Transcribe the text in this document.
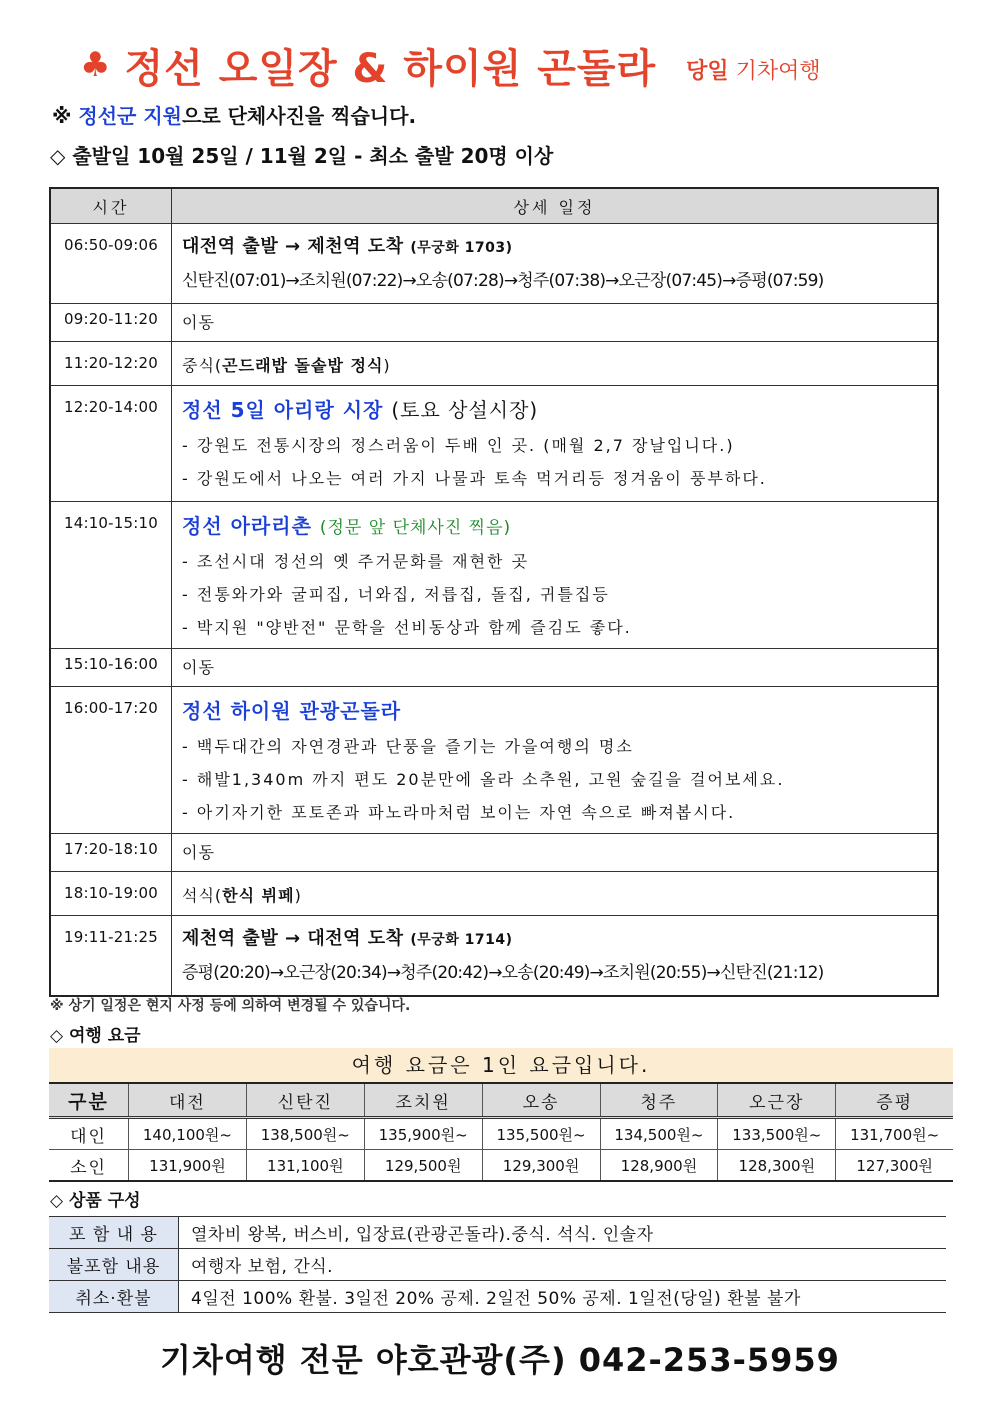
♣ 정선 오일장 & 하이원 곤돌라 당일 기차여행
※ 정선군 지원으로 단체사진을 찍습니다.
◇ 출발일 10월 25일 / 11월 2일 - 최소 출발 20명 이상
시간	상세 일정
06:50-09:06	대전역 출발 → 제천역 도착 (무궁화 1703)
신탄진(07:01)→조치원(07:22)→오송(07:28)→청주(07:38)→오근장(07:45)→증평(07:59)

09:20-11:20	이동
11:20-12:20	중식(곤드래밥 돌솥밥 정식)
12:20-14:00	정선 5일 아리랑 시장 (토요 상설시장)
- 강원도 전통시장의 정스러움이 두배 인 곳. (매월 2,7 장날입니다.)
- 강원도에서 나오는 여러 가지 나물과 토속 먹거리등 정겨움이 풍부하다.

14:10-15:10	정선 아라리촌 (정문 앞 단체사진 찍음)
- 조선시대 정선의 옛 주거문화를 재현한 곳
- 전통와가와 굴피집, 너와집, 저릅집, 돌집, 귀틀집등
- 박지원 "양반전" 문학을 선비동상과 함께 즐김도 좋다.

15:10-16:00	이동
16:00-17:20	정선 하이원 관광곤돌라
- 백두대간의 자연경관과 단풍을 즐기는 가을여행의 명소
- 해발1,340m 까지 편도 20분만에 올라 소추원, 고원 숲길을 걸어보세요.
- 아기자기한 포토존과 파노라마처럼 보이는 자연 속으로 빠져봅시다.

17:20-18:10	이동
18:10-19:00	석식(한식 뷔페)
19:11-21:25	제천역 출발 → 대전역 도착 (무궁화 1714)
증평(20:20)→오근장(20:34)→청주(20:42)→오송(20:49)→조치원(20:55)→신탄진(21:12)
※ 상기 일정은 현지 사정 등에 의하여 변경될 수 있습니다.
◇ 여행 요금
여행 요금은 1인 요금입니다.
구분	대전	신탄진	조치원	오송	청주	오근장	증평
대인	140,100원~	138,500원~	135,900원~	135,500원~	134,500원~	133,500원~	131,700원~
소인	131,900원	131,100원	129,500원	129,300원	128,900원	128,300원	127,300원
◇ 상품 구성
포 함 내 용	열차비 왕복, 버스비, 입장료(관광곤돌라).중식. 석식. 인솔자
불포함 내용	여행자 보험, 간식.
취소·환불	4일전 100% 환불. 3일전 20% 공제. 2일전 50% 공제. 1일전(당일) 환불 불가
기차여행 전문 야호관광(주) 042-253-5959
